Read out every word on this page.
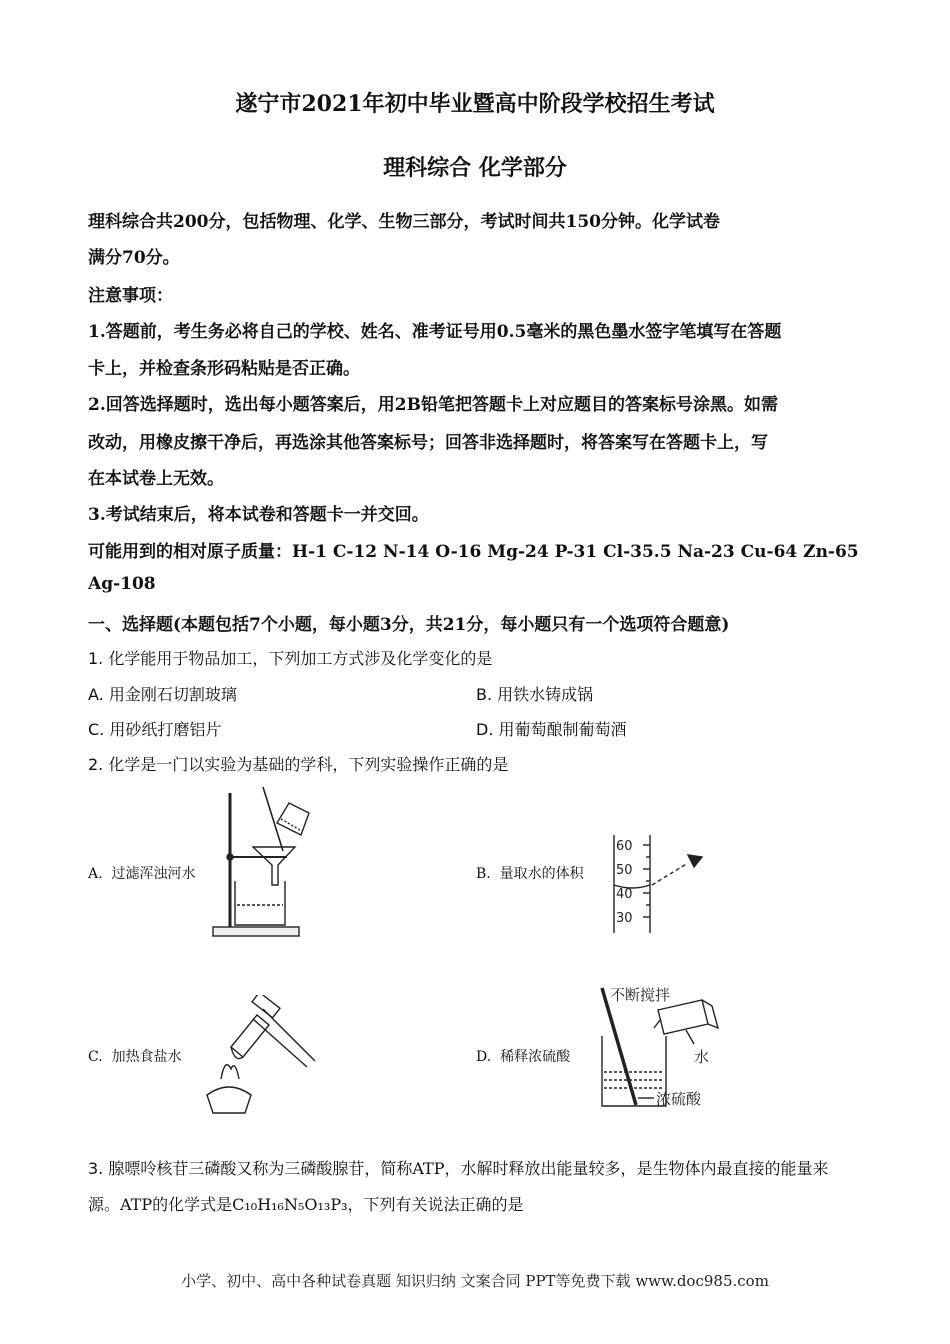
遂宁市2021年初中毕业暨高中阶段学校招生考试
理科综合 化学部分
理科综合共200分，包括物理、化学、生物三部分，考试时间共150分钟。化学试卷
满分70分。
注意事项：
1.答题前，考生务必将自己的学校、姓名、准考证号用0.5毫米的黑色墨水签字笔填写在答题
卡上，并检查条形码粘贴是否正确。
2.回答选择题时，选出每小题答案后，用2B铅笔把答题卡上对应题目的答案标号涂黑。如需
改动，用橡皮擦干净后，再选涂其他答案标号；回答非选择题时，将答案写在答题卡上，写
在本试卷上无效。
3.考试结束后，将本试卷和答题卡一并交回。
可能用到的相对原子质量：H-1 C-12 N-14 O-16 Mg-24 P-31 Cl-35.5 Na-23 Cu-64 Zn-65
Ag-108
一、选择题(本题包括7个小题，每小题3分，共21分，每小题只有一个选项符合题意)
1. 化学能用于物品加工，下列加工方式涉及化学变化的是
A. 用金刚石切割玻璃	B. 用铁水铸成锅
C. 用砂纸打磨铝片	D. 用葡萄酿制葡萄酒
2. 化学是一门以实验为基础的学科，下列实验操作正确的是
A. 过滤浑浊河水	B. 量取水的体积
C. 加热食盐水	D. 稀释浓硫酸
60
50
40
30
不断搅拌
水
浓硫酸
3. 腺嘌呤核苷三磷酸又称为三磷酸腺苷，简称ATP，水解时释放出能量较多，是生物体内最直接的能量来
源。ATP的化学式是C₁₀H₁₆N₅O₁₃P₃，下列有关说法正确的是
小学、初中、高中各种试卷真题 知识归纳 文案合同 PPT等免费下载 www.doc985.com
